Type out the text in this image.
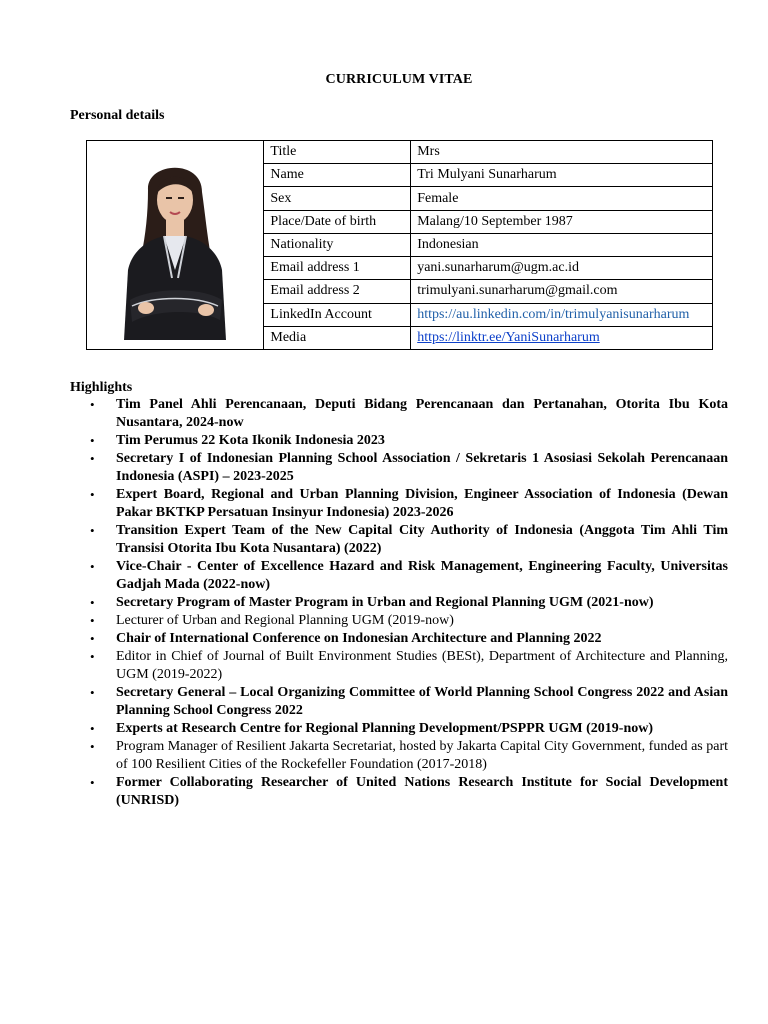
CURRICULUM VITAE
Personal details
	Title	Mrs
	Name	Tri Mulyani Sunarharum
	Sex	Female
	Place/Date of birth	Malang/10 September 1987
	Nationality	Indonesian
	Email address 1	yani.sunarharum@ugm.ac.id
	Email address 2	trimulyani.sunarharum@gmail.com
	LinkedIn Account	https://au.linkedin.com/in/trimulyanisunarharum
	Media	https://linktr.ee/YaniSunarharum
Highlights
• Tim Panel Ahli Perencanaan, Deputi Bidang Perencanaan dan Pertanahan, Otorita Ibu Kota Nusantara, 2024-now
• Tim Perumus 22 Kota Ikonik Indonesia 2023
• Secretary I of Indonesian Planning School Association / Sekretaris 1 Asosiasi Sekolah Perencanaan Indonesia (ASPI) – 2023-2025
• Expert Board, Regional and Urban Planning Division, Engineer Association of Indonesia (Dewan Pakar BKTKP Persatuan Insinyur Indonesia) 2023-2026
• Transition Expert Team of the New Capital City Authority of Indonesia (Anggota Tim Ahli Tim Transisi Otorita Ibu Kota Nusantara) (2022)
• Vice-Chair - Center of Excellence Hazard and Risk Management, Engineering Faculty, Universitas Gadjah Mada (2022-now)
• Secretary Program of Master Program in Urban and Regional Planning UGM (2021-now)
• Lecturer of Urban and Regional Planning UGM (2019-now)
• Chair of International Conference on Indonesian Architecture and Planning 2022
• Editor in Chief of Journal of Built Environment Studies (BESt), Department of Architecture and Planning, UGM (2019-2022)
• Secretary General – Local Organizing Committee of World Planning School Congress 2022 and Asian Planning School Congress 2022
• Experts at Research Centre for Regional Planning Development/PSPPR UGM (2019-now)
• Program Manager of Resilient Jakarta Secretariat, hosted by Jakarta Capital City Government, funded as part of 100 Resilient Cities of the Rockefeller Foundation (2017-2018)
• Former Collaborating Researcher of United Nations Research Institute for Social Development (UNRISD)
